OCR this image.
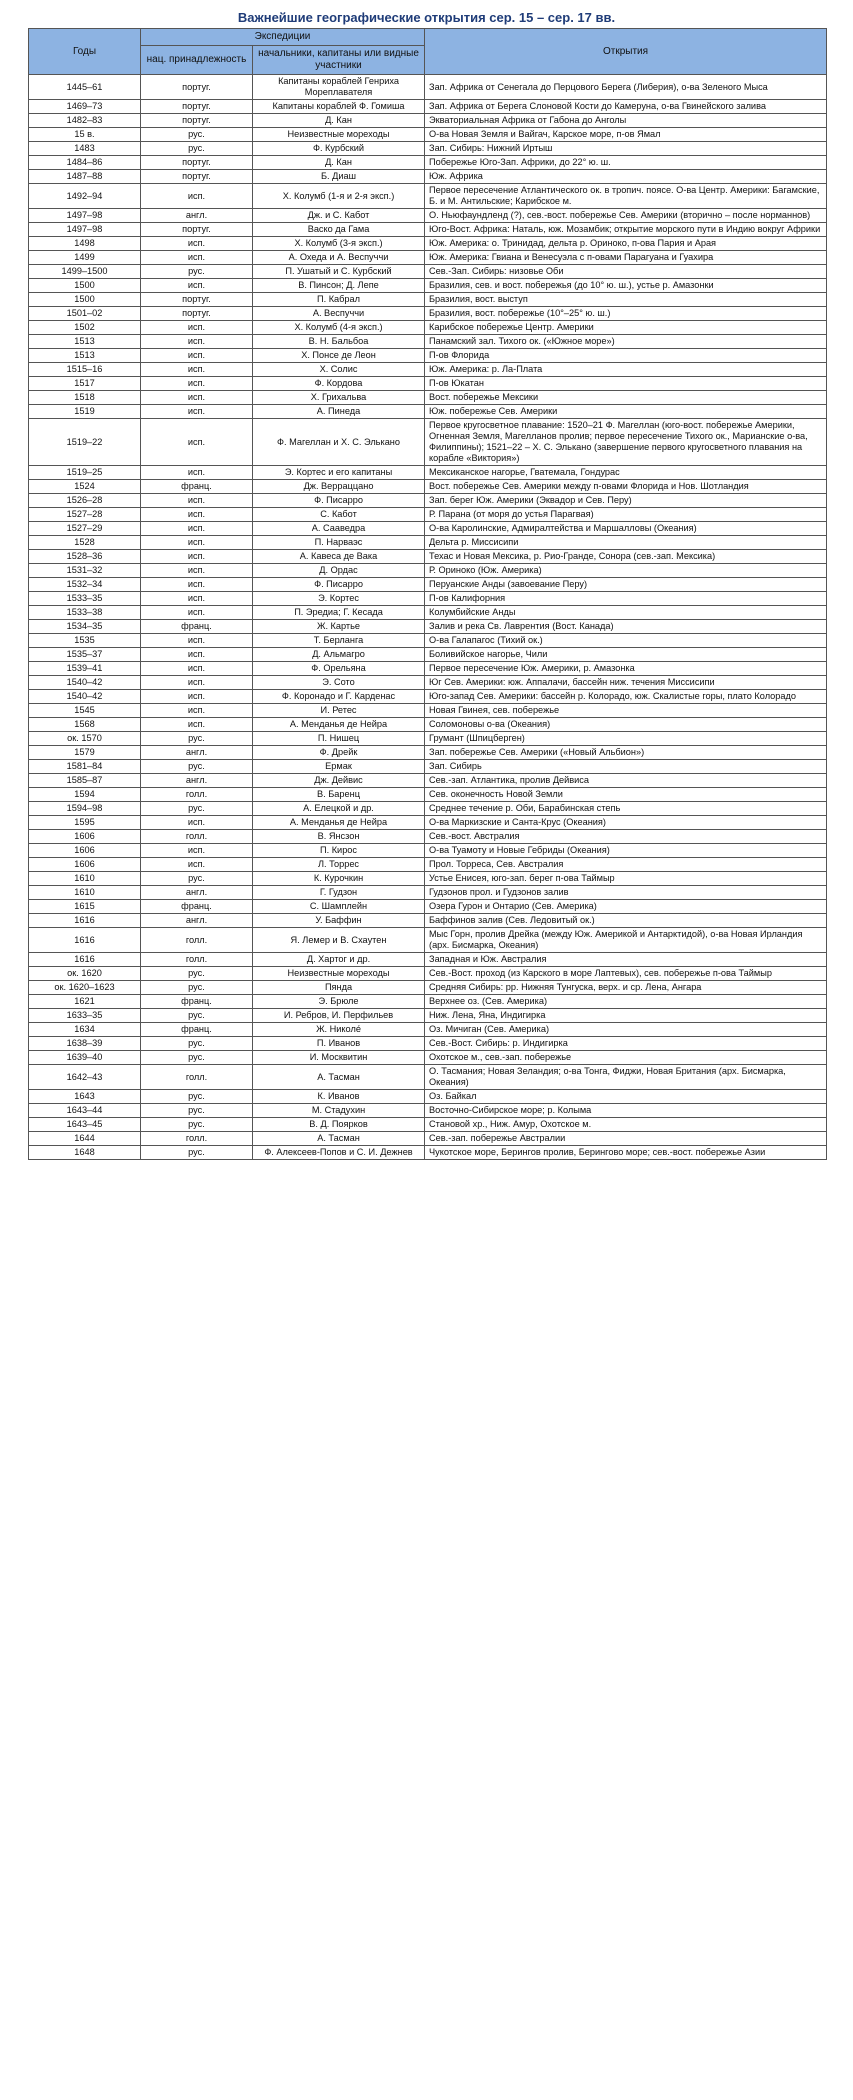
Важнейшие географические открытия сер. 15 – сер. 17 вв.
Годы	Экспедиции		Открытия
	нац. принадлежность	начальники, капитаны или видные участники	
1445–61	португ.	Капитаны кораблей Генриха Мореплавателя	Зап. Африка от Сенегала до Перцового Берега (Либерия), о-ва Зеленого Мыса
1469–73	португ.	Капитаны кораблей Ф. Гомиша	Зап. Африка от Берега Слоновой Кости до Камеруна, о-ва Гвинейского залива
1482–83	португ.	Д. Кан	Экваториальная Африка от Габона до Анголы
15 в.	рус.	Неизвестные мореходы	О-ва Новая Земля и Вайгач, Карское море, п-ов Ямал
1483	рус.	Ф. Курбский	Зап. Сибирь: Нижний Иртыш
1484–86	португ.	Д. Кан	Побережье Юго-Зап. Африки, до 22° ю. ш.
1487–88	португ.	Б. Диаш	Юж. Африка
1492–94	исп.	Х. Колумб (1-я и 2-я эксп.)	Первое пересечение Атлантического ок. в тропич. поясе. О-ва Центр. Америки: Багамские, Б. и М. Антильские; Карибское м.
1497–98	англ.	Дж. и С. Кабот	О. Ньюфаундленд (?), сев.-вост. побережье Сев. Америки (вторично – после норманнов)
1497–98	португ.	Васко да Гама	Юго-Вост. Африка: Наталь, юж. Мозамбик; открытие морского пути в Индию вокруг Африки
1498	исп.	Х. Колумб (3-я эксп.)	Юж. Америка: о. Тринидад, дельта р. Ориноко, п-ова Пария и Арая
1499	исп.	А. Охеда и А. Веспуччи	Юж. Америка: Гвиана и Венесуэла с п-овами Парагуана и Гуахира
1499–1500	рус.	П. Ушатый и С. Курбский	Сев.-Зап. Сибирь: низовье Оби
1500	исп.	В. Пинсон; Д. Лепе	Бразилия, сев. и вост. побережья (до 10° ю. ш.), устье р. Амазонки
1500	португ.	П. Кабрал	Бразилия, вост. выступ
1501–02	португ.	А. Веспуччи	Бразилия, вост. побережье (10°–25° ю. ш.)
1502	исп.	Х. Колумб (4-я эксп.)	Карибское побережье Центр. Америки
1513	исп.	В. Н. Бальбоа	Панамский зал. Тихого ок. («Южное море»)
1513	исп.	Х. Понсе де Леон	П-ов Флорида
1515–16	исп.	Х. Солис	Юж. Америка: р. Ла-Плата
1517	исп.	Ф. Кордова	П-ов Юкатан
1518	исп.	Х. Грихальва	Вост. побережье Мексики
1519	исп.	А. Пинеда	Юж. побережье Сев. Америки
1519–22	исп.	Ф. Магеллан и Х. С. Элькано	Первое кругосветное плавание: 1520–21 Ф. Магеллан (юго-вост. побережье Америки, Огненная Земля, Магелланов пролив; первое пересечение Тихого ок., Марианские о-ва, Филиппины); 1521–22 – Х. С. Элькано (завершение первого кругосветного плавания на корабле «Виктория»)
1519–25	исп.	Э. Кортес и его капитаны	Мексиканское нагорье, Гватемала, Гондурас
1524	франц.	Дж. Верраццано	Вост. побережье Сев. Америки между п-овами Флорида и Нов. Шотландия
1526–28	исп.	Ф. Писарро	Зап. берег Юж. Америки (Эквадор и Сев. Перу)
1527–28	исп.	С. Кабот	Р. Парана (от моря до устья Парагвая)
1527–29	исп.	А. Сааведра	О-ва Каролинские, Адмиралтейства и Маршалловы (Океания)
1528	исп.	П. Нарваэс	Дельта р. Миссисипи
1528–36	исп.	А. Кавеса де Вака	Техас и Новая Мексика, р. Рио-Гранде, Сонора (сев.-зап. Мексика)
1531–32	исп.	Д. Ордас	Р. Ориноко (Юж. Америка)
1532–34	исп.	Ф. Писарро	Перуанские Анды (завоевание Перу)
1533–35	исп.	Э. Кортес	П-ов Калифорния
1533–38	исп.	П. Эредиа; Г. Кесада	Колумбийские Анды
1534–35	франц.	Ж. Картье	Залив и река Св. Лаврентия (Вост. Канада)
1535	исп.	Т. Берланга	О-ва Галапагос (Тихий ок.)
1535–37	исп.	Д. Альмагро	Боливийское нагорье, Чили
1539–41	исп.	Ф. Орельяна	Первое пересечение Юж. Америки, р. Амазонка
1540–42	исп.	Э. Сото	Юг Сев. Америки: юж. Аппалачи, бассейн ниж. течения Миссисипи
1540–42	исп.	Ф. Коронадо и Г. Карденас	Юго-запад Сев. Америки: бассейн р. Колорадо, юж. Скалистые горы, плато Колорадо
1545	исп.	И. Ретес	Новая Гвинея, сев. побережье
1568	исп.	А. Менданья де Нейра	Соломоновы о-ва (Океания)
ок. 1570	рус.	П. Нишец	Грумант (Шпицберген)
1579	англ.	Ф. Дрейк	Зап. побережье Сев. Америки («Новый Альбион»)
1581–84	рус.	Ермак	Зап. Сибирь
1585–87	англ.	Дж. Дейвис	Сев.-зап. Атлантика, пролив Дейвиса
1594	голл.	В. Баренц	Сев. оконечность Новой Земли
1594–98	рус.	А. Елецкой и др.	Среднее течение р. Оби, Барабинская степь
1595	исп.	А. Менданья де Нейра	О-ва Маркизские и Санта-Крус (Океания)
1606	голл.	В. Янсзон	Сев.-вост. Австралия
1606	исп.	П. Кирос	О-ва Туамоту и Новые Гебриды (Океания)
1606	исп.	Л. Торрес	Прол. Торреса, Сев. Австралия
1610	рус.	К. Курочкин	Устье Енисея, юго-зап. берег п-ова Таймыр
1610	англ.	Г. Гудзон	Гудзонов прол. и Гудзонов залив
1615	франц.	С. Шамплейн	Озера Гурон и Онтарио (Сев. Америка)
1616	англ.	У. Баффин	Баффинов залив (Сев. Ледовитый ок.)
1616	голл.	Я. Лемер и В. Схаутен	Мыс Горн, пролив Дрейка (между Юж. Америкой и Антарктидой), о-ва Новая Ирландия (арх. Бисмарка, Океания)
1616	голл.	Д. Хартог и др.	Западная и Юж. Австралия
ок. 1620	рус.	Неизвестные мореходы	Сев.-Вост. проход (из Карского в море Лаптевых), сев. побережье п-ова Таймыр
ок. 1620–1623	рус.	Пянда	Средняя Сибирь: рр. Нижняя Тунгуска, верх. и ср. Лена, Ангара
1621	франц.	Э. Брюле	Верхнее оз. (Сев. Америка)
1633–35	рус.	И. Ребров, И. Перфильев	Ниж. Лена, Яна, Индигирка
1634	франц.	Ж. Николе́	Оз. Мичиган (Сев. Америка)
1638–39	рус.	П. Иванов	Сев.-Вост. Сибирь: р. Индигирка
1639–40	рус.	И. Москвитин	Охотское м., сев.-зап. побережье
1642–43	голл.	А. Тасман	О. Тасмания; Новая Зеландия; о-ва Тонга, Фиджи, Новая Британия (арх. Бисмарка, Океания)
1643	рус.	К. Иванов	Оз. Байкал
1643–44	рус.	М. Стадухин	Восточно-Сибирское море; р. Колыма
1643–45	рус.	В. Д. Поярков	Становой хр., Ниж. Амур, Охотское м.
1644	голл.	А. Тасман	Сев.-зап. побережье Австралии
1648	рус.	Ф. Алексеев-Попов и С. И. Дежнев	Чукотское море, Берингов пролив, Берингово море; сев.-вост. побережье Азии
